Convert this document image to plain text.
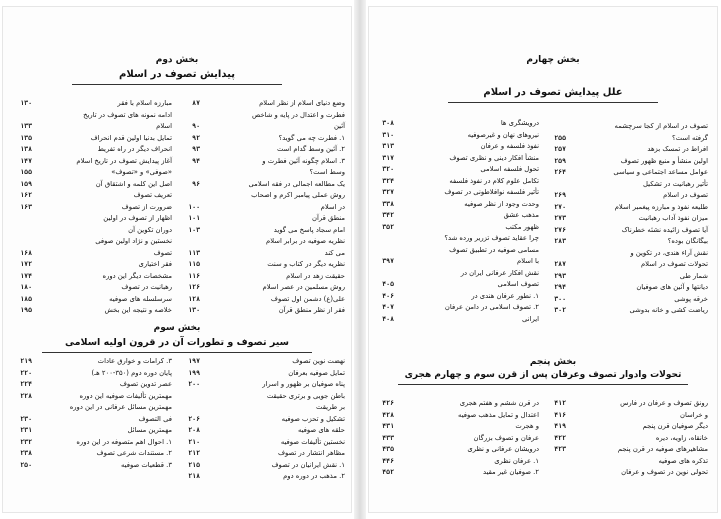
بخش دوم
پیدایش تصوف در اسلام
وضع دنیای اسلام از نظر اسلام
۸۷
فطرت و اعتدال در پایه و شاخص
آئین
۹۰
۱. فطرت چه می گوید؟
۹۲
۲. آئین وسط گدام است
۹۳
۳. اسلام چگونه آئین فطرت و
۹۴
وسط است؟
یک مطالعه اجمالی در فقه اسلامی
۹۶
روش عملی پیامبر اکرم و اصحاب
در اسلام
۱۰۰
منطق قرآن
۱۰۱
امام سجاد پاسخ می گوید
۱۰۳
نظریه صوفیه در برابر اسلام
می کند
۱۱۳
نظریه دیگر در کتاب و سنت
۱۱۵
حقیقت زهد در اسلام
۱۱۶
روش مسلمین در عصر اسلام
۱۲۶
علی(ع) دشمن اول تصوف
۱۲۸
فقر از نظر منطق قرآن
۱۳۰
مبارزه اسلام با فقر
۱۳۰
ادامه نمونه های تصوف در تاریخ
اسلام
۱۳۳
تمایل بدنیا اولین قدم انحراف
۱۳۵
انحراف دیگر در راه تفریط
۱۳۸
آغاز پیدایش تصوف در تاریخ اسلام
۱۴۷
«صوفی» و «تصوف»
۱۵۵
اصل این کلمه و اشتقاق آن
۱۵۹
تعریف تصوف
۱۶۲
ضرورت از تصوف
۱۶۳
اظهار از تصوف در اولین
دوران تکوین آن
نخستین و نژاد اولین صوفی
تصوف
۱۶۸
فقر اختیاری
۱۷۲
مشخصات دیگر این دوره
۱۷۴
رهبانیت در تصوف
۱۸۰
سرسلسله های صوفیه
۱۸۵
خلاصه و نتیجه این بخش
۱۹۵
بخش سوم
سیر تصوف و تطورات آن در قرون اولیه اسلامی
نهضت نوین تصوف
۱۹۷
تمایل صوفیه بعرفان
۱۹۹
پناه صوفیان بر ظهور و اسرار
۲۰۰
باطن جویی و برتری حقیقت
بر طریقت
تشکیل و تحزب صوفیه
۲۰۶
حلقه های صوفیه
۲۰۸
نخستین تألیفات صوفیه
۲۱۰
مظاهر انتشار در تصوف
۲۱۲
۱. نقش ایرانیان در تصوف
۲۱۵
۲. مذهب در دوره دوم
۲۱۸
۳. کرامات و خوارق عادات
۲۱۹
پایان دوره دوم (۳۵۰-۲۰۰ هـ)
۲۲۰
عصر تدوین تصوف
۲۲۴
مهمترین تألیفات صوفیه این دوره
۲۲۸
مهمترین مسائل عرفانی در این دوره
فی التصوف
۲۳۰
مهمترین مسائل
۲۳۱
۱. احوال اهم متصوفه در این دوره
۲۳۲
۲. مستندات شرعی تصوف
۲۳۸
۳. قطعیات صوفیه
۲۵۰
بخش چهارم
علل پیدایش تصوف در اسلام
تصوف در اسلام از کجا سرچشمه
گرفته است؟
۲۵۵
افراط در تمسک بزهد
۲۵۷
اولین منشأ و منبع ظهور تصوف
۲۵۹
عوامل مساعد اجتماعی و سیاسی
۲۶۴
تأثیر رهبانیت در تشکیل
تصوف در اسلام
۲۶۹
طلیعه نفوذ و مبارزه پیغمبر اسلام
۲۷۰
میزان نفوذ آداب رهبانیت
۲۷۳
آیا تصوف زائیده نشئه خطرناک
۲۷۶
بیگانگان بوده؟
۲۸۳
نقش آراء هندی، در تکوین و
تحولات تصوف در اسلام
۲۸۷
شمار طی
۲۹۳
دیانتها و آئین های صوفیان
۲۹۴
خرقه پوشی
۳۰۰
ریاضت کشی و خانه بدوشی
۳۰۲
درویشگری ها
۳۰۸
نیروهای نهان و غیرصوفیه
۳۱۰
نفوذ فلسفه و عرفان
۳۱۳
منشأ افکار دینی و نظری تصوف
۳۱۷
تحول فلسفه اسلامی
۳۲۰
تکامل علوم کلام در نفوذ فلسفه
۳۲۴
تأثیر فلسفه نوافلاطونی در تصوف
۳۲۷
وحدت وجود از نظر صوفیه
۳۳۸
مذهب عشق
۳۴۲
ظهور مکتب
۳۵۲
چرا عقاید تصوف تزریر ورده شد؟
مسامی صوفیه در تطبیق تصوف
با اسلام
۳۹۷
نقش افکار عرفانی ایران در
تصوف اسلامی
۴۰۵
۱. نطور عرفان هندی در
۴۰۶
۲. تصوف اسلامی در دامن عرفان
۴۰۷
ایرانی
۴۰۸
بخش پنجم
تحولات وادوار تصوف وعرفان پس از قرن سوم و چهارم هجری
رونق تصوف و عرفان در فارس
۴۱۲
و خراسان
۴۱۶
دیگر صوفیان قرن پنجم
۴۱۹
خانقاه، زاویه، دیره
۴۲۲
مشاهیرهای صوفیه در قرن پنجم
۴۲۳
تذکره های صوفیه
تحولی نوین در تصوف و عرفان
در قرن ششم و هفتم هجری
۴۲۶
اعتدال و تمایل مذهب صوفیه
۴۲۸
و هجرت
۴۳۱
عرفان و تصوف بزرگان
۴۳۳
درویشان عرفانی و نظری
۴۳۵
۱. عرفان نظری
۴۴۶
۲. صوفیان غیر مقید
۴۵۲
